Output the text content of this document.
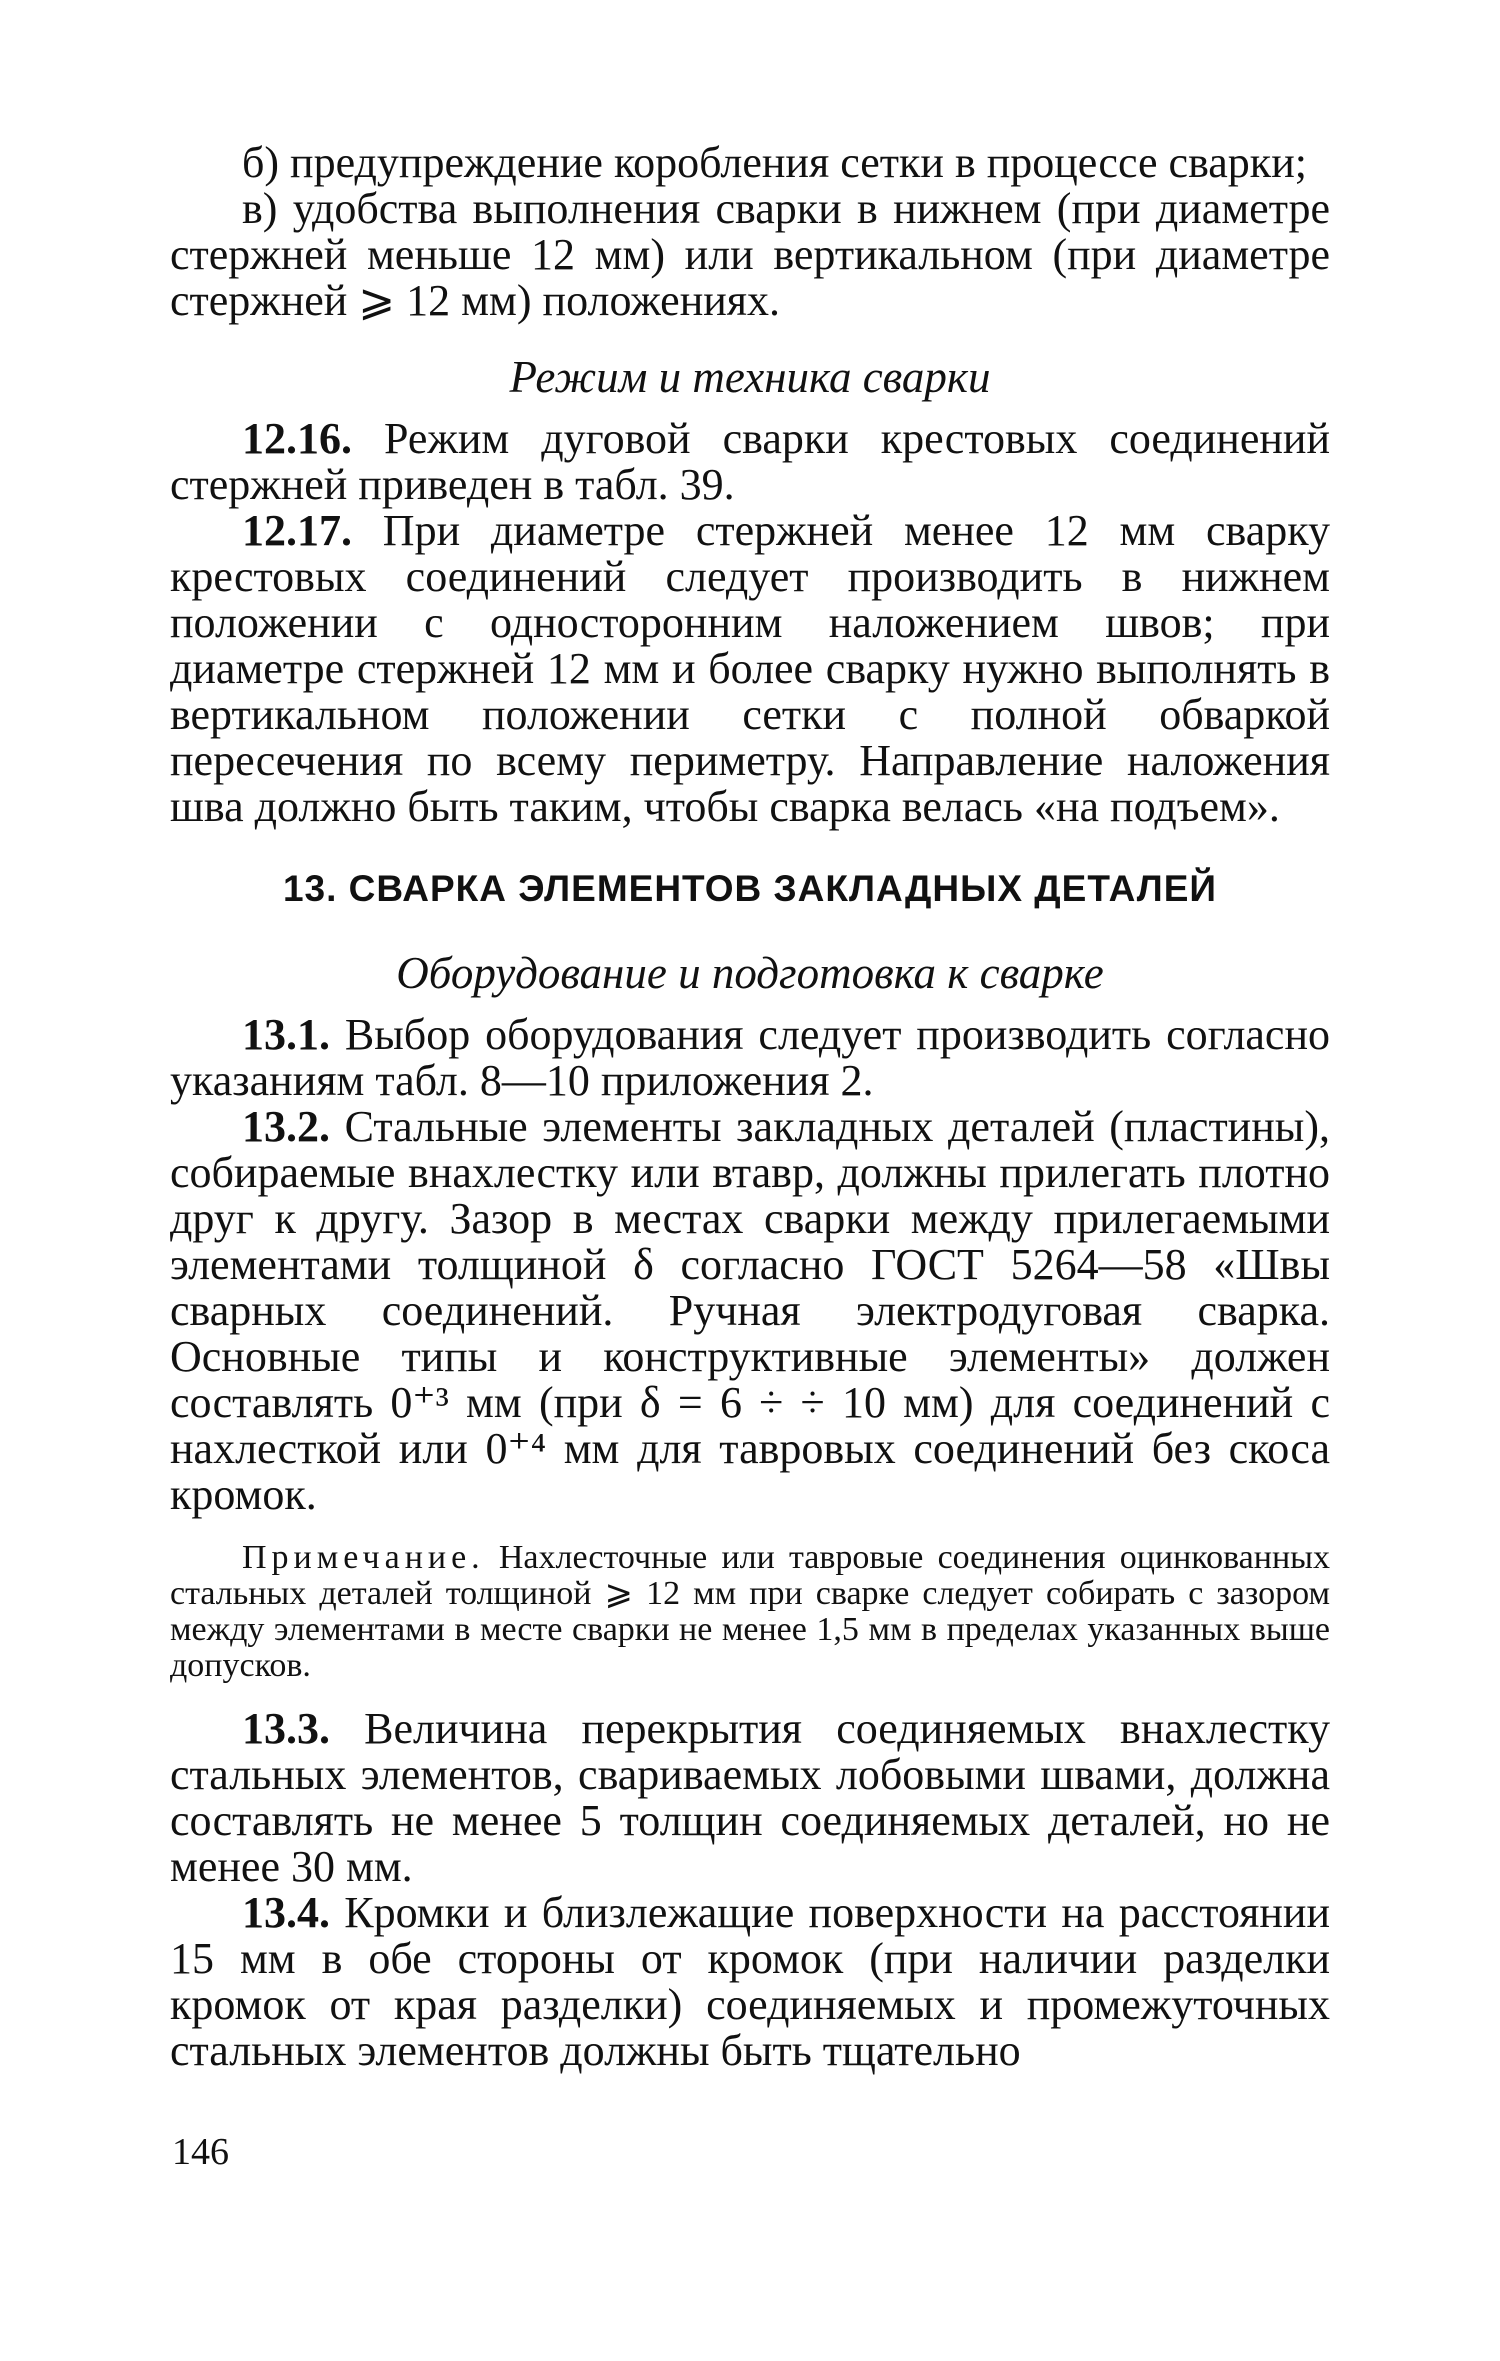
б) предупреждение коробления сетки в процессе сварки;

в) удобства выполнения сварки в нижнем (при диаметре стержней меньше 12 мм) или вертикальном (при диаметре стержней ⩾ 12 мм) положениях.

Режим и техника сварки

12.16. Режим дуговой сварки крестовых соединений стержней приведен в табл. 39.

12.17. При диаметре стержней менее 12 мм сварку крестовых соединений следует производить в нижнем положении с односторонним наложением швов; при диаметре стержней 12 мм и более сварку нужно выполнять в вертикальном положении сетки с полной обваркой пересечения по всему периметру. Направление наложения шва должно быть таким, чтобы сварка велась «на подъем».

13. СВАРКА ЭЛЕМЕНТОВ ЗАКЛАДНЫХ ДЕТАЛЕЙ

Оборудование и подготовка к сварке

13.1. Выбор оборудования следует производить согласно указаниям табл. 8—10 приложения 2.

13.2. Стальные элементы закладных деталей (пластины), собираемые внахлестку или втавр, должны прилегать плотно друг к другу. Зазор в местах сварки между прилегаемыми элементами толщиной δ согласно ГОСТ 5264—58 «Швы сварных соединений. Ручная электродуговая сварка. Основные типы и конструктивные элементы» должен составлять 0⁺³ мм (при δ = 6 ÷ ÷ 10 мм) для соединений с нахлесткой или 0⁺⁴ мм для тавровых соединений без скоса кромок.

Примечание. Нахлесточные или тавровые соединения оцинкованных стальных деталей толщиной ⩾ 12 мм при сварке следует собирать с зазором между элементами в месте сварки не менее 1,5 мм в пределах указанных выше допусков.

13.3. Величина перекрытия соединяемых внахлестку стальных элементов, свариваемых лобовыми швами, должна составлять не менее 5 толщин соединяемых деталей, но не менее 30 мм.

13.4. Кромки и близлежащие поверхности на расстоянии 15 мм в обе стороны от кромок (при наличии разделки кромок от края разделки) соединяемых и промежуточных стальных элементов должны быть тщательно

146
